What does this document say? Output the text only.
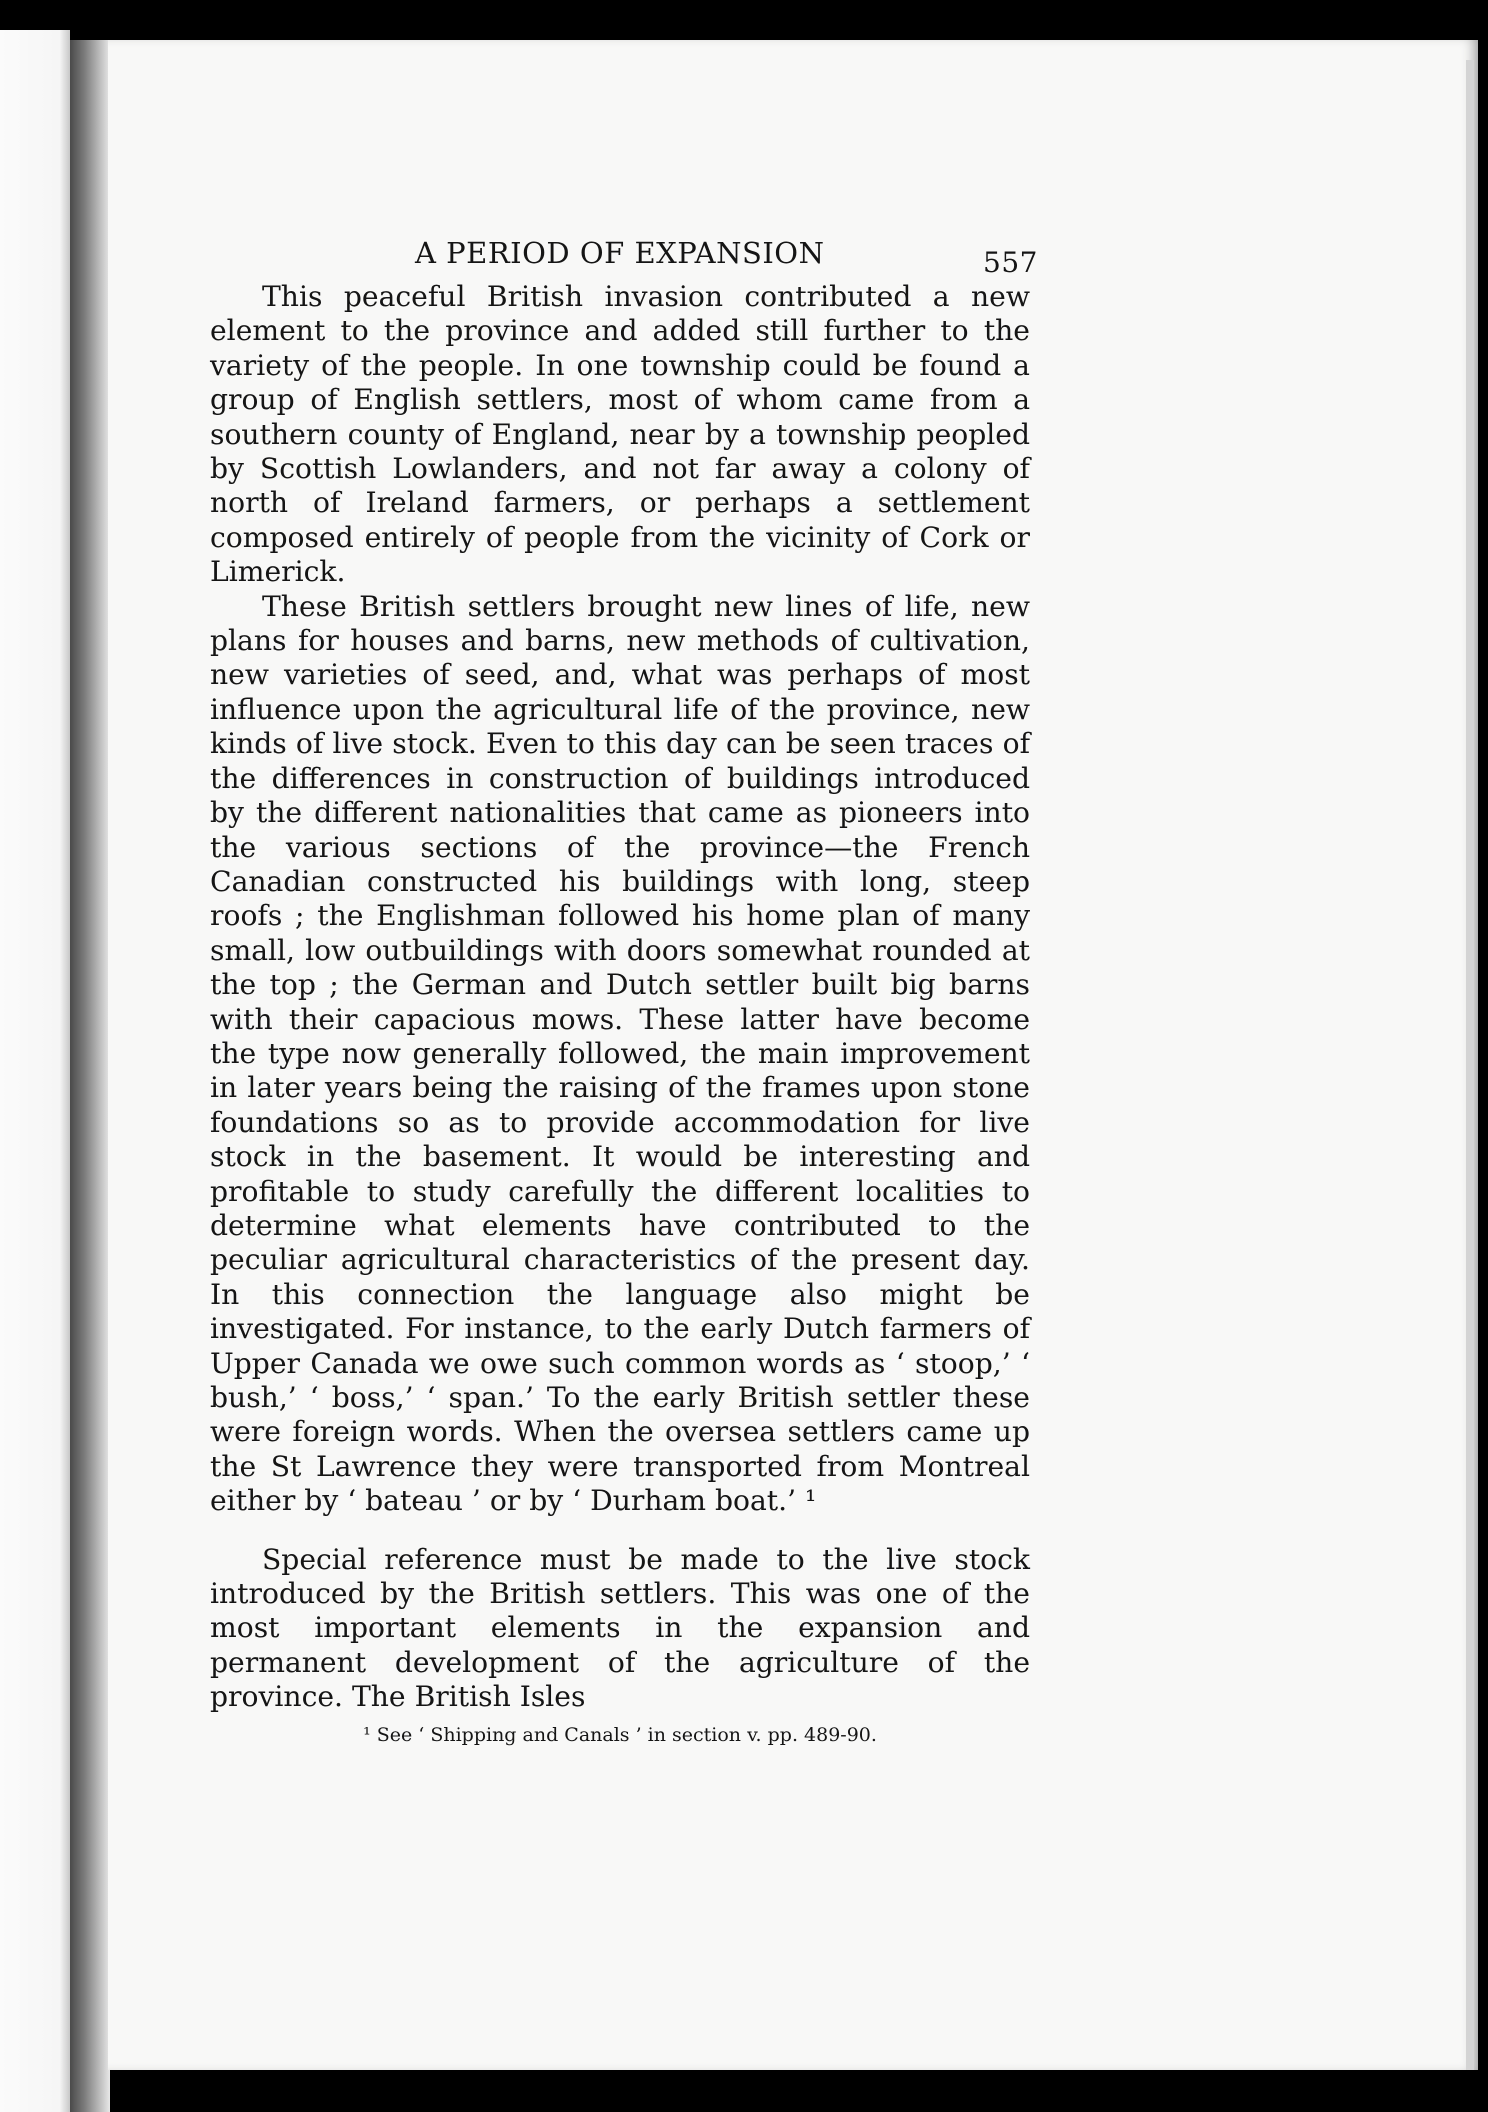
A PERIOD OF EXPANSION	557

This peaceful British invasion contributed a new element to the province and added still further to the variety of the people. In one township could be found a group of English settlers, most of whom came from a southern county of England, near by a township peopled by Scottish Lowlanders, and not far away a colony of north of Ireland farmers, or perhaps a settlement composed entirely of people from the vicinity of Cork or Limerick.

These British settlers brought new lines of life, new plans for houses and barns, new methods of cultivation, new varieties of seed, and, what was perhaps of most influence upon the agricultural life of the province, new kinds of live stock. Even to this day can be seen traces of the differences in construction of buildings introduced by the different nationalities that came as pioneers into the various sections of the province—the French Canadian constructed his buildings with long, steep roofs ; the Englishman followed his home plan of many small, low outbuildings with doors somewhat rounded at the top ; the German and Dutch settler built big barns with their capacious mows. These latter have become the type now generally followed, the main improvement in later years being the raising of the frames upon stone foundations so as to provide accommodation for live stock in the basement. It would be interesting and profitable to study carefully the different localities to determine what elements have contributed to the peculiar agricultural characteristics of the present day. In this connection the language also might be investigated. For instance, to the early Dutch farmers of Upper Canada we owe such common words as ‘ stoop,’ ‘ bush,’ ‘ boss,’ ‘ span.’ To the early British settler these were foreign words. When the oversea settlers came up the St Lawrence they were transported from Montreal either by ‘ bateau ’ or by ‘ Durham boat.’ ¹

Special reference must be made to the live stock introduced by the British settlers. This was one of the most important elements in the expansion and permanent development of the agriculture of the province. The British Isles

¹ See ‘ Shipping and Canals ’ in section v. pp. 489-90.
